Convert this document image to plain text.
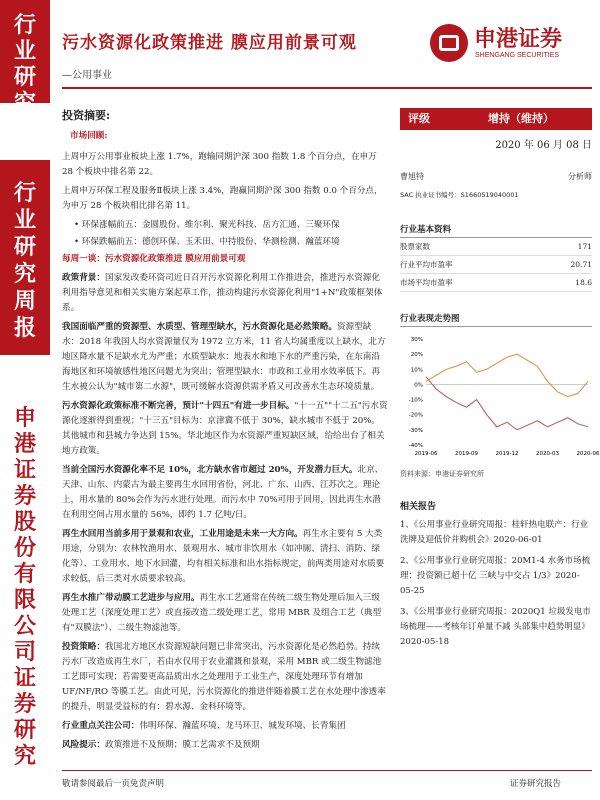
行
业
研
究
行
业
研
究
周
报
申
港
证
券
股
份
有
限
公
司
证
券
研
究
污水资源化政策推进 膜应用前景可观
—公用事业
申港证券
SHENGANG SECURITIES
投资摘要:
市场回顾:

上周申万公用事业板块上涨 1.7%，跑输同期沪深 300 指数 1.8 个百分点，在申万 28 个板块中排名第 22。

上周申万环保工程及服务Ⅱ板块上涨 3.4%，跑赢同期沪深 300 指数 0.0 个百分点，为申万 28 个板块相比排名第 11。

• 环保涨幅前五：金圆股份、维尔利、聚光科技、岳方汇通、三聚环保
• 环保跌幅前五：德创环保、玉禾田、中持股份、华测检测、瀚蓝环境
每周一谈：污水资源化政策推进 膜应用前景可观

政策背景：国家发改委环资司近日召开污水资源化利用工作推进会，推进污水资源化利用指导意见和相关实施方案起草工作，推动构建污水资源化利用"1+N"政策框架体系。

我国面临严重的资源型、水质型、管理型缺水，污水资源化是必然策略。资源型缺水：2018 年我国人均水资源量仅为 1972 立方米，11 省人均属重度以上缺水，北方地区降水量不足缺水尤为严重；水质型缺水：地表水和地下水的严重污染，在东南沿海地区和环境敏感性地区问题尤为突出；管理型缺水：市政和工业用水效率低下。再生水被公认为"城市第二水源"，既可缓解水资源供需矛盾又可改善水生态环境质量。

污水资源化政策标准不断完善，预计"十四五"有进一步目标。"十一五""十二五"污水资源化逐渐得到重视；"十三五"目标为：京津冀不低于 30%，缺水城市不低于 20%。其他城市和县城力争达到 15%。华北地区作为水资源严重短缺区域，给给出台了相关地方政策。

当前全国污水资源化率不足 10%，北方缺水省市超过 20%，开发潜力巨大。北京、天津、山东、内蒙古为最主要再生水回用省份，河北、广东、山西、江苏次之。理论上，用水量的 80%会作为污水进行处理。而污水中 70%可用于回用，因此再生水潜在利用空间占用水量的 56%，即约 1.7 亿吨/日。

再生水回用当前多用于景观和农业，工业用途是未来一大方向。再生水主要有 5 大类用途，分别为：农林牧渔用水、景观用水、城市非饮用水（如冲厕、清扫、消防、绿化等）、工业用水、地下水回灌，均有相关标准和出水指标规定，前两类用途对水质要求较低，后三类对水质要求较高。

再生水推广带动膜工艺进步与应用。再生水工艺通常在传统二级生物处理后加入三级处理工艺（深度处理工艺）或直接改造二级处理工艺，常用 MBR 及组合工艺（典型有"双膜法"）、二级生物滤池等。

投资策略：我国北方地区水资源短缺问题已非常突出，污水资源化是必然趋势。持续污水厂改造成再生水厂，若由水仅用于农业灌溉和景观，采用 MBR 或二级生物滤池工艺即可实现；若需要更高品质出水之处理用于工业生产，深度处理环节有增加 UF/NF/RO 等膜工艺。由此可见，污水资源化的推进伴随着膜工艺在水处理中渗透率的提升，明显受益标的有：碧水源、金科环境等。

行业重点关注公司：伟明环保、瀚蓝环境、龙马环卫、城发环境、长青集团

风险提示：政策推进不及预期；膜工艺需求不及预期

评级	增持（维持）
2020 年 06 月 08 日
曹旭特	分析师
SAC 执业证书编号：S1660519040001
行业基本资料
股票家数	171
行业平均市盈率	20.71
市场平均市盈率	18.6
行业表现走势图
30%
20%
10%
0%
-10%
-20%
-30%
-40%
2019-06	2019-09	2019-12	2020-03	2020-06
资料来源：申港证券研究所
相关报告
1、《公用事业行业研究周报：桂轩热电联产：行业洗牌及迎低价并购机会》2020-06-01
2、《公用事业行业研究周报：20M1-4 水务市场梳理：投资额已超十亿 三峡与中交占 1/3》2020-05-25
3、《公用事业行业研究周报：2020Q1 垃圾发电市场梳理——考核年订单量不减 头部集中趋势明显》2020-05-18
敬请参阅最后一页免责声明	证券研究报告
